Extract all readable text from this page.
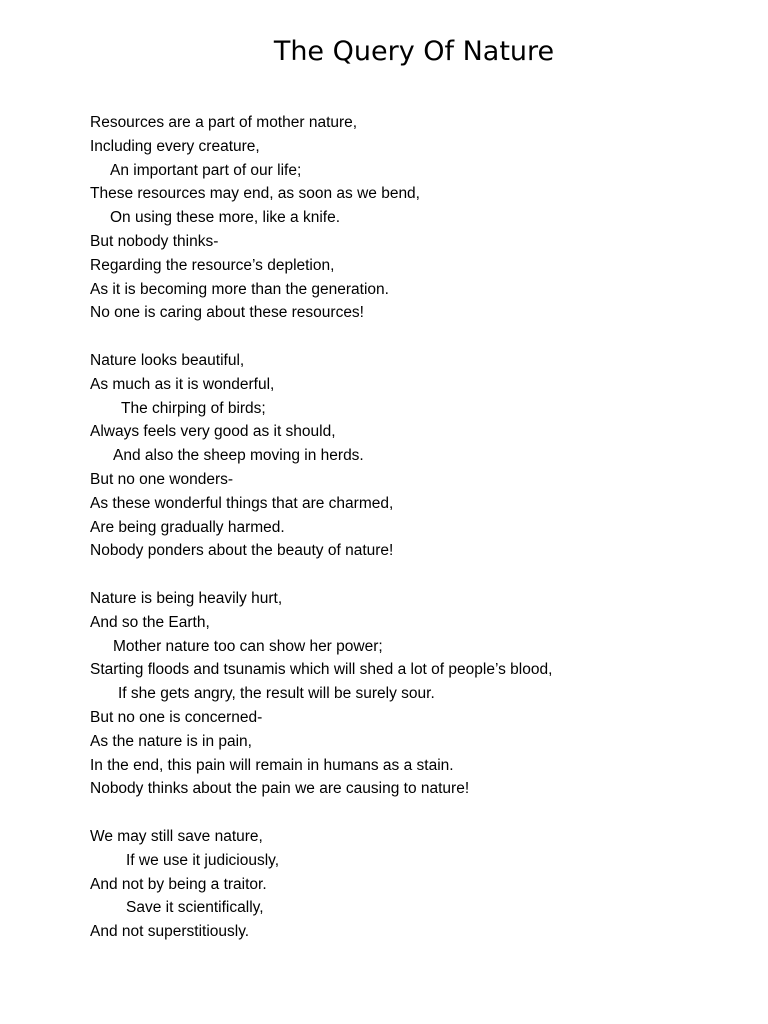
The Query Of Nature
Resources are a part of mother nature,
Including every creature,
An important part of our life;
These resources may end, as soon as we bend,
On using these more, like a knife.
But nobody thinks-
Regarding the resource’s depletion,
As it is becoming more than the generation.
No one is caring about these resources!
Nature looks beautiful,
As much as it is wonderful,
The chirping of birds;
Always feels very good as it should,
And also the sheep moving in herds.
But no one wonders-
As these wonderful things that are charmed,
Are being gradually harmed.
Nobody ponders about the beauty of nature!
Nature is being heavily hurt,
And so the Earth,
Mother nature too can show her power;
Starting floods and tsunamis which will shed a lot of people’s blood,
If she gets angry, the result will be surely sour.
But no one is concerned-
As the nature is in pain,
In the end, this pain will remain in humans as a stain.
Nobody thinks about the pain we are causing to nature!
We may still save nature,
If we use it judiciously,
And not by being a traitor.
Save it scientifically,
And not superstitiously.
